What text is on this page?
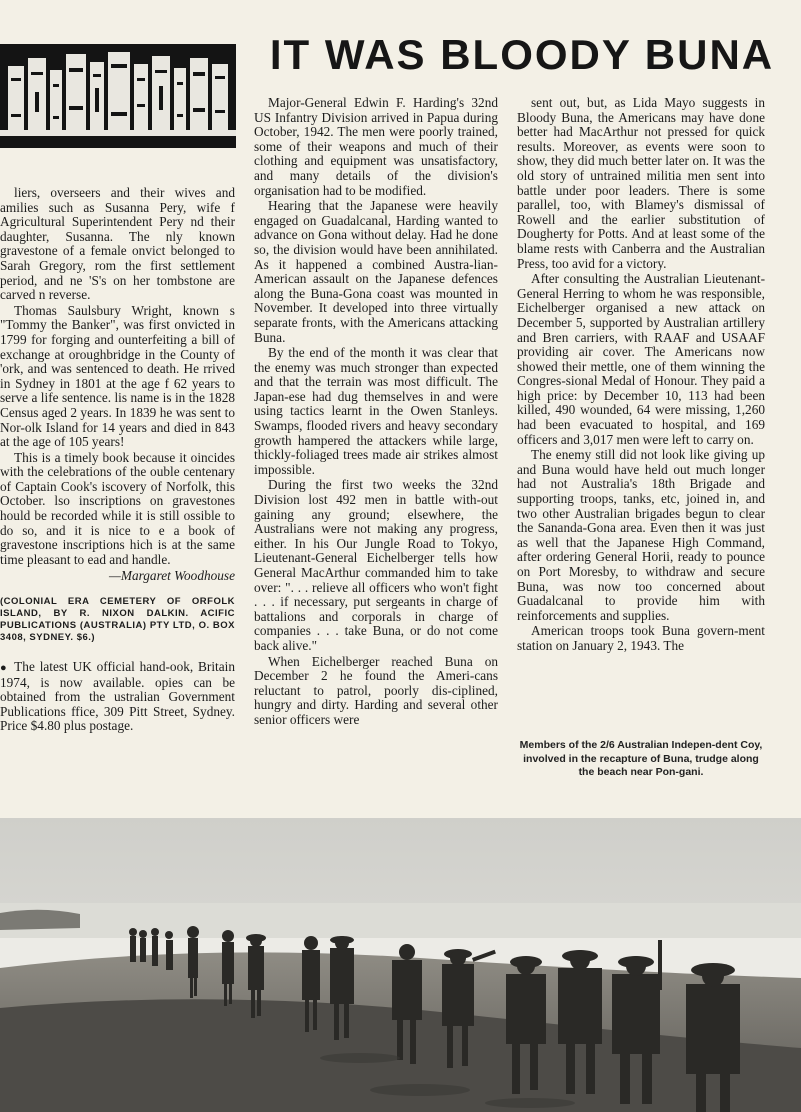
IT WAS BLOODY BUNA

liers, overseers and their wives and amilies such as Susanna Pery, wife f Agricultural Superintendent Pery nd their daughter, Susanna. The nly known gravestone of a female onvict belonged to Sarah Gregory, rom the first settlement period, and ne 'S's on her tombstone are carved n reverse.

Thomas Saulsbury Wright, known s "Tommy the Banker", was first onvicted in 1799 for forging and ounterfeiting a bill of exchange at oroughbridge in the County of 'ork, and was sentenced to death. He rrived in Sydney in 1801 at the age f 62 years to serve a life sentence. lis name is in the 1828 Census aged 2 years. In 1839 he was sent to Nor-olk Island for 14 years and died in 843 at the age of 105 years!

This is a timely book because it oincides with the celebrations of the ouble centenary of Captain Cook's iscovery of Norfolk, this October. lso inscriptions on gravestones hould be recorded while it is still ossible to do so, and it is nice to e a book of gravestone inscriptions hich is at the same time pleasant to ead and handle.

—Margaret Woodhouse
(COLONIAL ERA CEMETERY OF ORFOLK ISLAND, BY R. NIXON DALKIN. ACIFIC PUBLICATIONS (AUSTRALIA) PTY LTD, O. BOX 3408, SYDNEY. $6.)

● The latest UK official hand-ook, Britain 1974, is now available. opies can be obtained from the ustralian Government Publications ffice, 309 Pitt Street, Sydney. Price $4.80 plus postage.

Major-General Edwin F. Harding's 32nd US Infantry Division arrived in Papua during October, 1942. The men were poorly trained, some of their weapons and much of their clothing and equipment was unsatisfactory, and many details of the division's organisation had to be modified.

Hearing that the Japanese were heavily engaged on Guadalcanal, Harding wanted to advance on Gona without delay. Had he done so, the division would have been annihilated. As it happened a combined Austra-lian-American assault on the Japanese defences along the Buna-Gona coast was mounted in November. It developed into three virtually separate fronts, with the Americans attacking Buna.

By the end of the month it was clear that the enemy was much stronger than expected and that the terrain was most difficult. The Japan-ese had dug themselves in and were using tactics learnt in the Owen Stanleys. Swamps, flooded rivers and heavy secondary growth hampered the attackers while large, thickly-foliaged trees made air strikes almost impossible.

During the first two weeks the 32nd Division lost 492 men in battle with-out gaining any ground; elsewhere, the Australians were not making any progress, either. In his Our Jungle Road to Tokyo, Lieutenant-General Eichelberger tells how General MacArthur commanded him to take over: ". . . relieve all officers who won't fight . . . if necessary, put sergeants in charge of battalions and corporals in charge of companies . . . take Buna, or do not come back alive."

When Eichelberger reached Buna on December 2 he found the Ameri-cans reluctant to patrol, poorly dis-ciplined, hungry and dirty. Harding and several other senior officers were

sent out, but, as Lida Mayo suggests in Bloody Buna, the Americans may have done better had MacArthur not pressed for quick results. Moreover, as events were soon to show, they did much better later on. It was the old story of untrained militia men sent into battle under poor leaders. There is some parallel, too, with Blamey's dismissal of Rowell and the earlier substitution of Dougherty for Potts. And at least some of the blame rests with Canberra and the Australian Press, too avid for a victory.

After consulting the Australian Lieutenant-General Herring to whom he was responsible, Eichelberger organised a new attack on December 5, supported by Australian artillery and Bren carriers, with RAAF and USAAF providing air cover. The Americans now showed their mettle, one of them winning the Congres-sional Medal of Honour. They paid a high price: by December 10, 113 had been killed, 490 wounded, 64 were missing, 1,260 had been evacuated to hospital, and 169 officers and 3,017 men were left to carry on.

The enemy still did not look like giving up and Buna would have held out much longer had not Australia's 18th Brigade and supporting troops, tanks, etc, joined in, and two other Australian brigades begun to clear the Sananda-Gona area. Even then it was just as well that the Japanese High Command, after ordering General Horii, ready to pounce on Port Moresby, to withdraw and secure Buna, was now too concerned about Guadalcanal to provide him with reinforcements and supplies.

American troops took Buna govern-ment station on January 2, 1943. The

Members of the 2/6 Australian Indepen-dent Coy, involved in the recapture of Buna, trudge along the beach near Pon-gani.
